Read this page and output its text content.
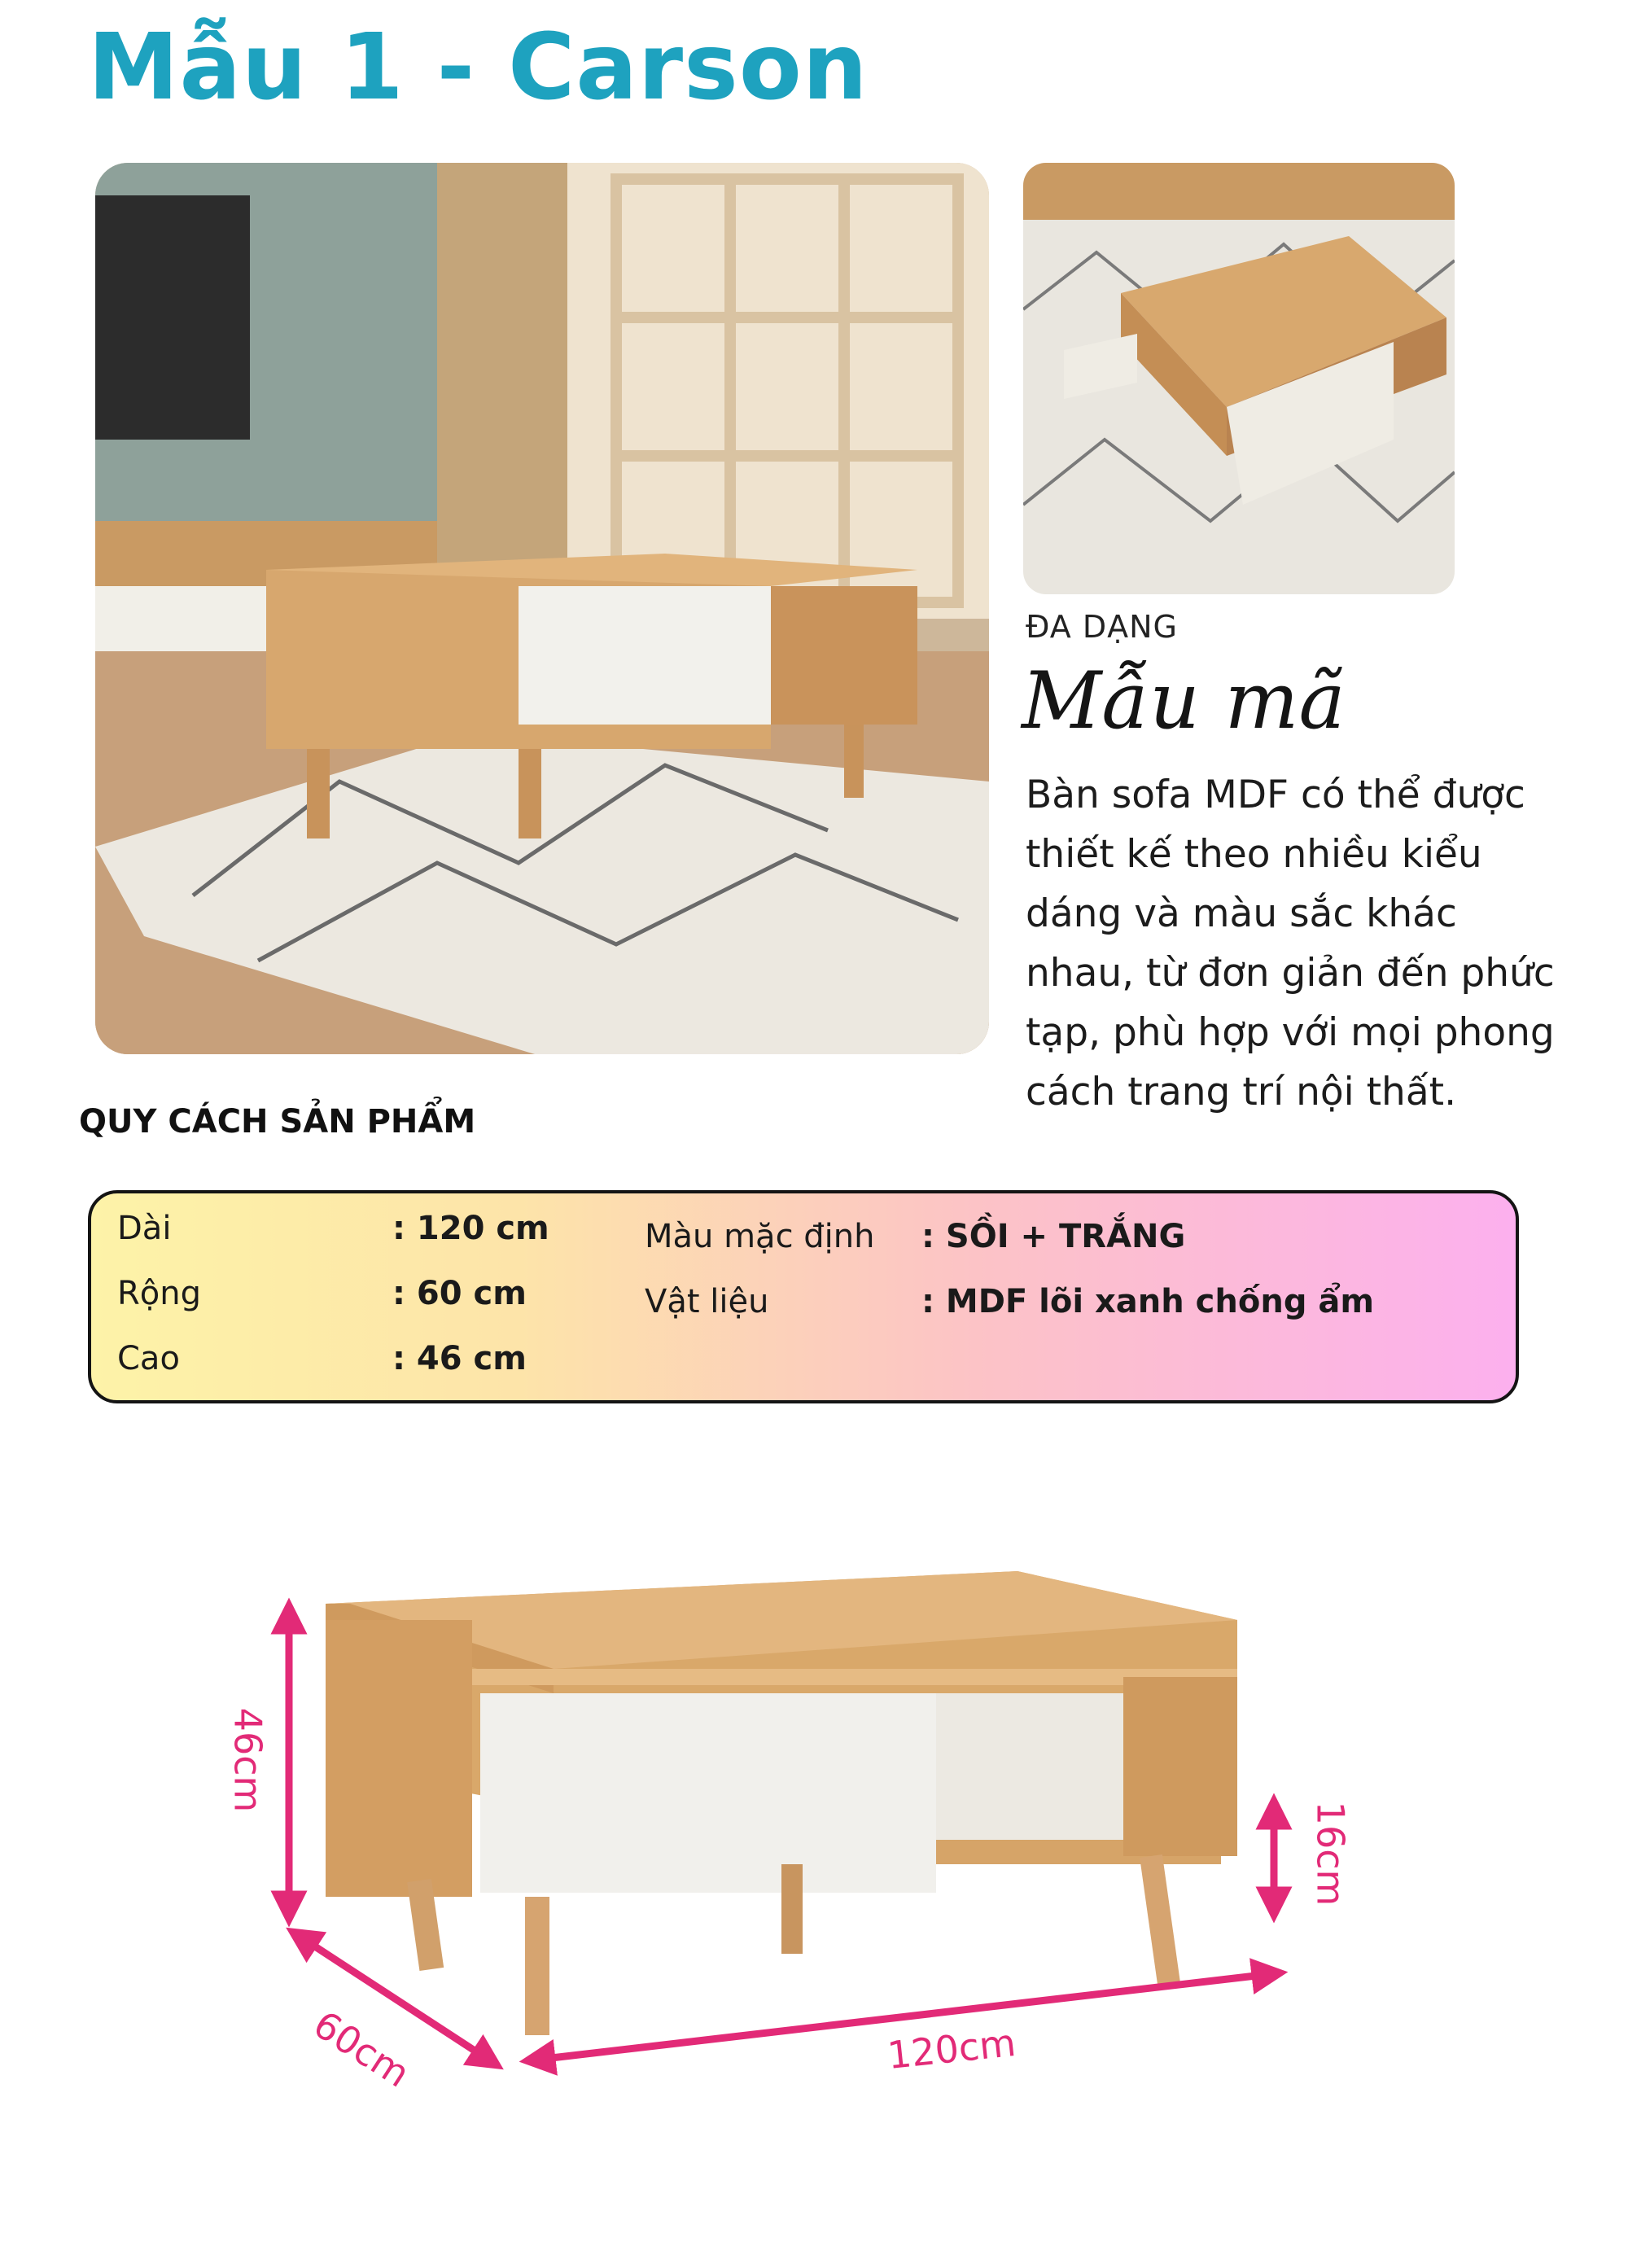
Mẫu 1 - Carson
ĐA DẠNG
Mẫu mã
Bàn sofa MDF có thể được
thiết kế theo nhiều kiểu
dáng và màu sắc khác
nhau, từ đơn giản đến phức
tạp, phù hợp với mọi phong
cách trang trí nội thất.
QUY CÁCH SẢN PHẨM
Dài	: 120 cm
Rộng	: 60 cm
Cao	: 46 cm
Màu mặc định : SỒI + TRẮNG
Vật liệu	: MDF lõi xanh chống ẩm
46cm
16cm
60cm	120cm
